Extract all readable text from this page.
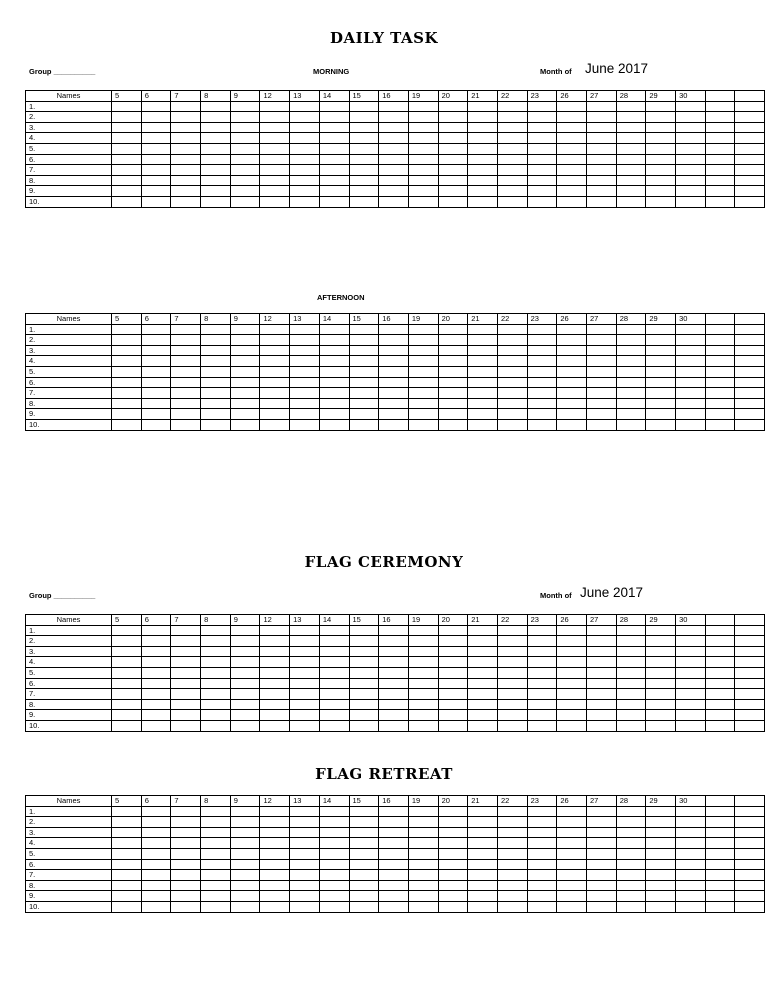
DAILY TASK
Group __________	MORNING	Month of June 2017
Names	5	6	7	8	9	12	13	14	15	16	19	20	21	22	23	26	27	28	29	30		
1.																						
2.																						
3.																						
4.																						
5.																						
6.																						
7.																						
8.																						
9.																						
10.																						
AFTERNOON
Names	5	6	7	8	9	12	13	14	15	16	19	20	21	22	23	26	27	28	29	30		
1.																						
2.																						
3.																						
4.																						
5.																						
6.																						
7.																						
8.																						
9.																						
10.																						
FLAG CEREMONY
Group __________	Month of June 2017
Names	5	6	7	8	9	12	13	14	15	16	19	20	21	22	23	26	27	28	29	30		
1.																						
2.																						
3.																						
4.																						
5.																						
6.																						
7.																						
8.																						
9.																						
10.																						
FLAG RETREAT
Names	5	6	7	8	9	12	13	14	15	16	19	20	21	22	23	26	27	28	29	30		
1.																						
2.																						
3.																						
4.																						
5.																						
6.																						
7.																						
8.																						
9.																						
10.																						
